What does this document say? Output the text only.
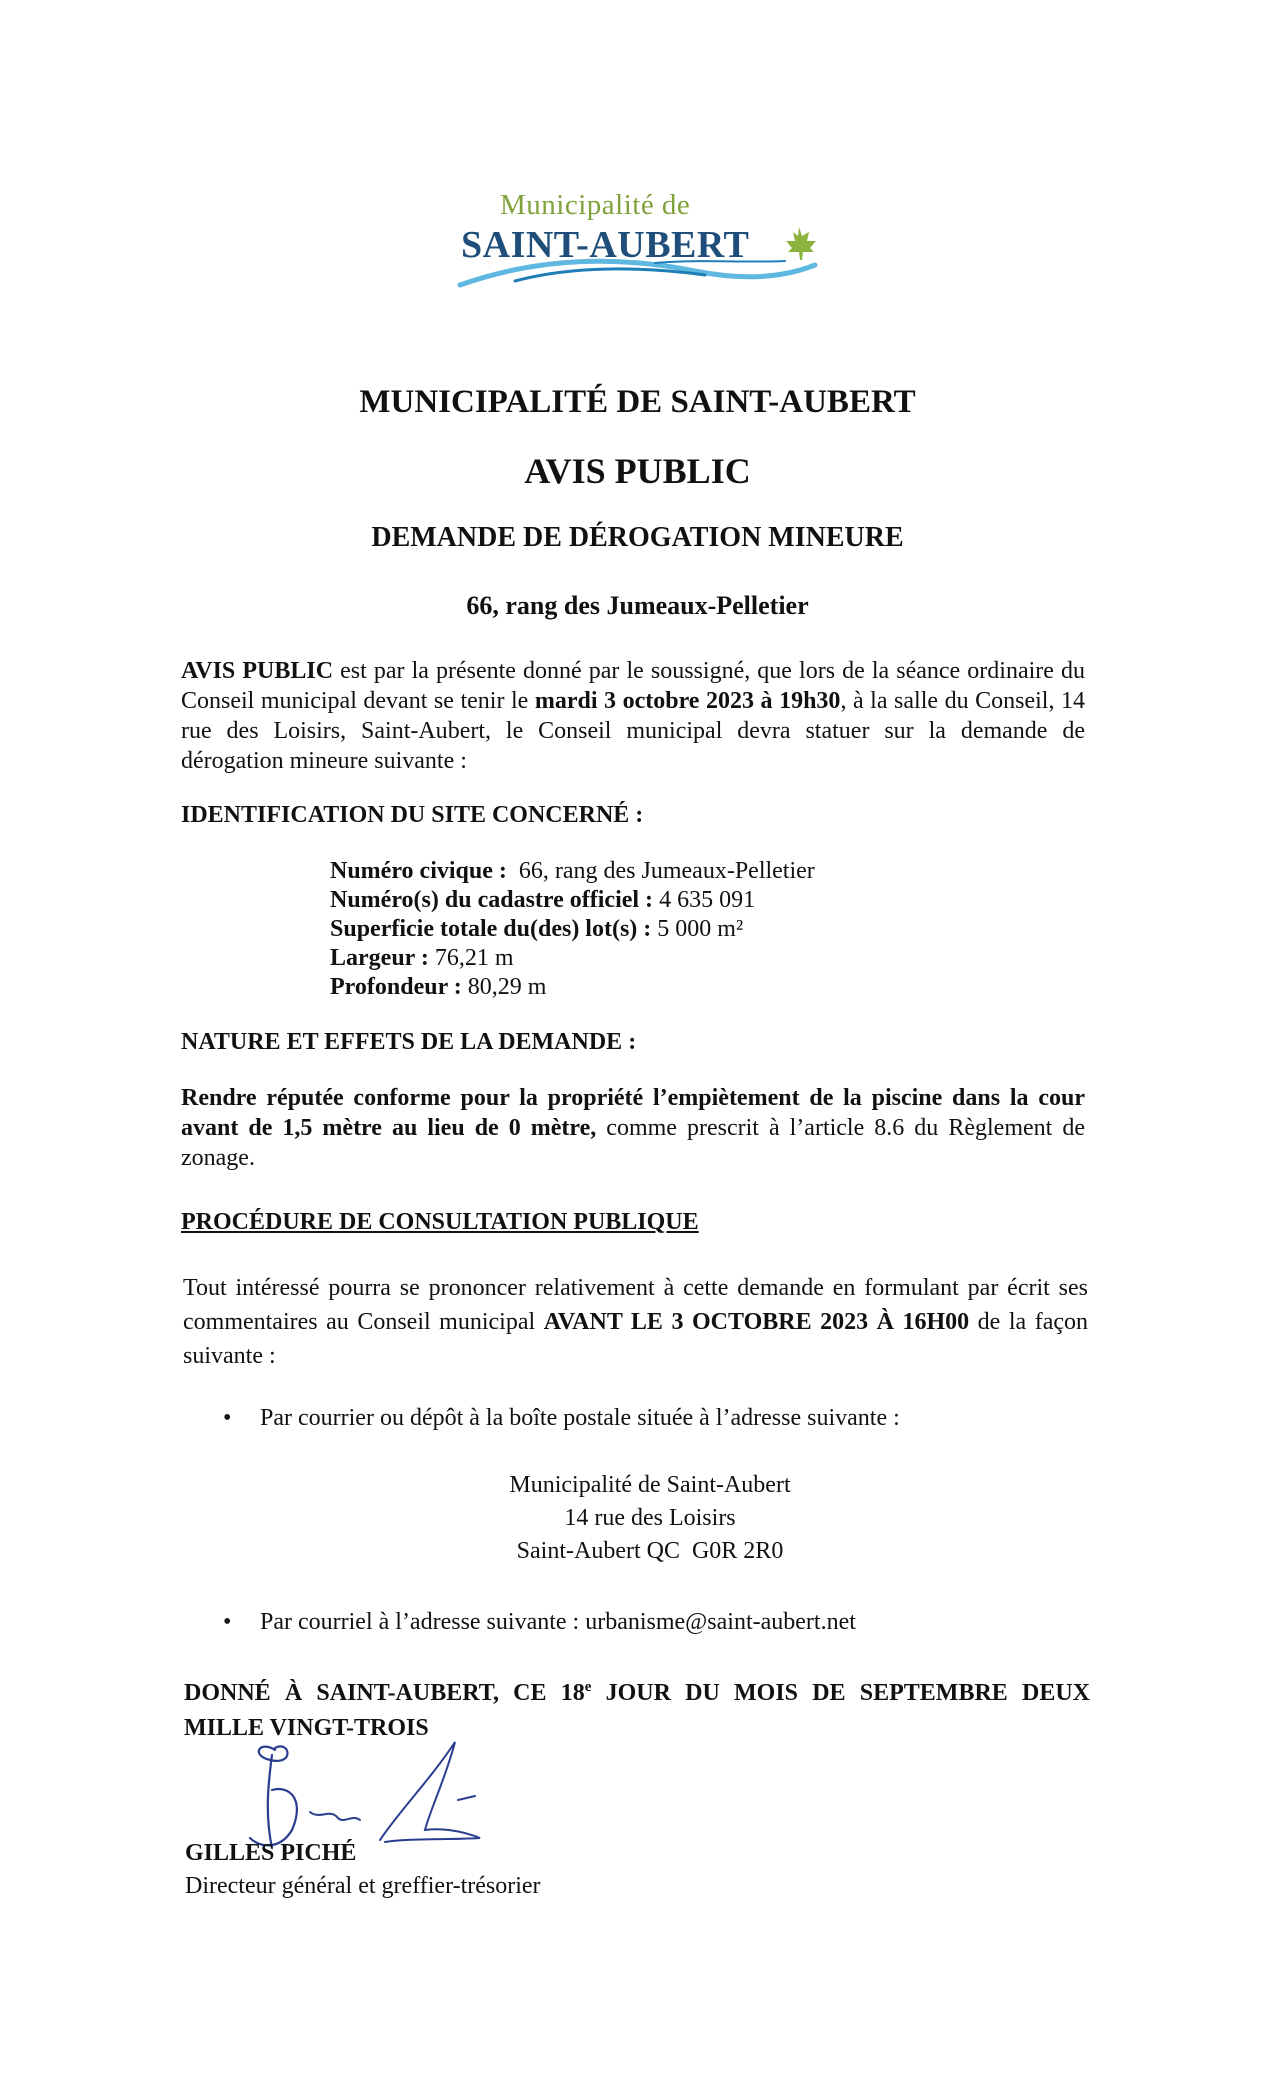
Municipalité de
SAINT-AUBERT
MUNICIPALITÉ DE SAINT-AUBERT
AVIS PUBLIC
DEMANDE DE DÉROGATION MINEURE
66, rang des Jumeaux-Pelletier

AVIS PUBLIC est par la présente donné par le soussigné, que lors de la séance ordinaire du Conseil municipal devant se tenir le mardi 3 octobre 2023 à 19h30, à la salle du Conseil, 14 rue des Loisirs, Saint-Aubert, le Conseil municipal devra statuer sur la demande de dérogation mineure suivante :

IDENTIFICATION DU SITE CONCERNÉ :
Numéro civique :  66, rang des Jumeaux-Pelletier
Numéro(s) du cadastre officiel : 4 635 091
Superficie totale du(des) lot(s) : 5 000 m²
Largeur : 76,21 m
Profondeur : 80,29 m
NATURE ET EFFETS DE LA DEMANDE :

Rendre réputée conforme pour la propriété l’empiètement de la piscine dans la cour avant de 1,5 mètre au lieu de 0 mètre, comme prescrit à l’article 8.6 du Règlement de zonage.

PROCÉDURE DE CONSULTATION PUBLIQUE

Tout intéressé pourra se prononcer relativement à cette demande en formulant par écrit ses commentaires au Conseil municipal AVANT LE 3 OCTOBRE 2023 À 16H00 de la façon suivante :

• Par courrier ou dépôt à la boîte postale située à l’adresse suivante :
Municipalité de Saint-Aubert
14 rue des Loisirs
Saint-Aubert QC  G0R 2R0
• Par courriel à l’adresse suivante : urbanisme@saint-aubert.net

DONNÉ À SAINT-AUBERT, CE 18e JOUR DU MOIS DE SEPTEMBRE DEUX MILLE VINGT-TROIS

GILLES PICHÉ
Directeur général et greffier-trésorier
